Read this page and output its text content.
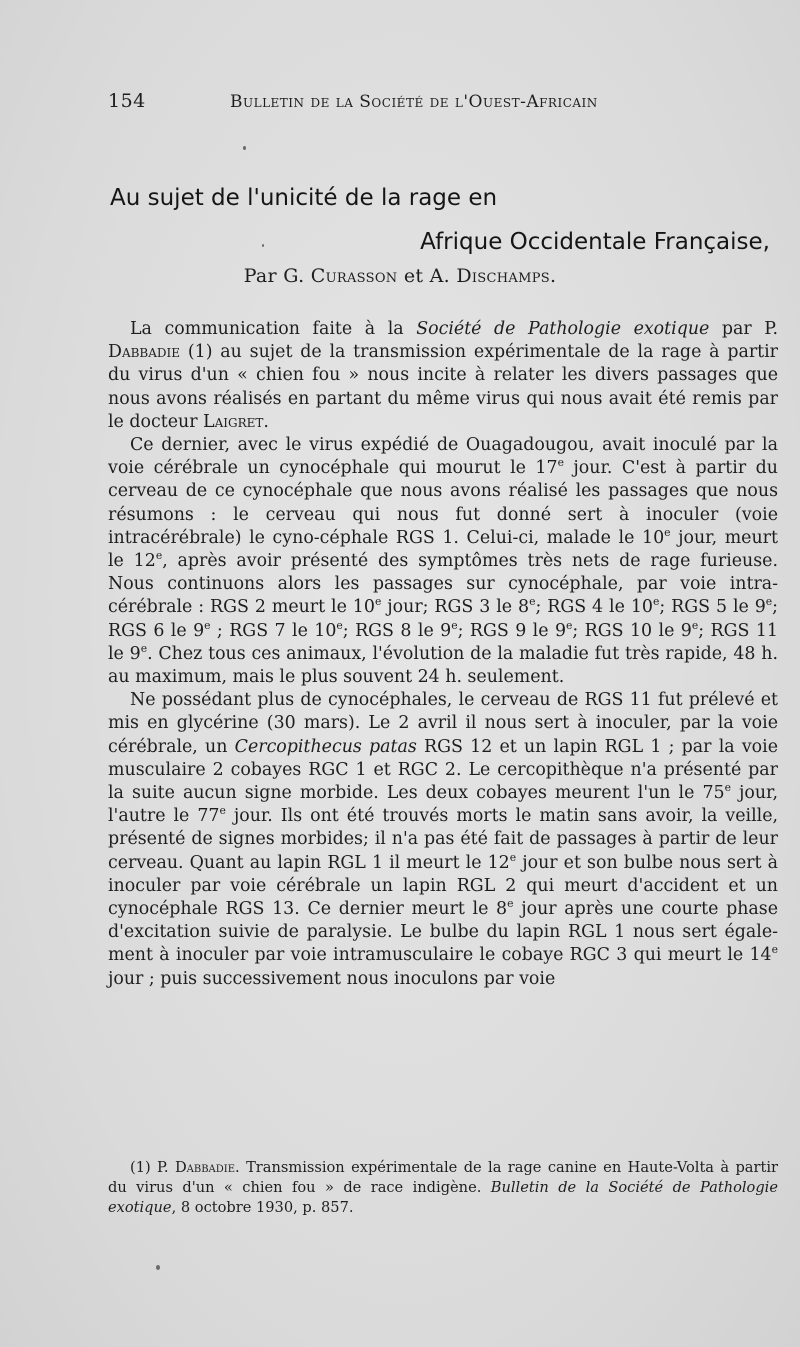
154	Bulletin de la Société de l'Ouest-Africain
Au sujet de l'unicité de la rage en
Afrique Occidentale Française,
Par G. Curasson et A. Dischamps.

La communication faite à la Société de Pathologie exotique par P. Dabbadie (1) au sujet de la transmission expérimentale de la rage à partir du virus d'un « chien fou » nous incite à relater les divers passages que nous avons réalisés en partant du même virus qui nous avait été remis par le docteur Laigret.

Ce dernier, avec le virus expédié de Ouagadougou, avait inoculé par la voie cérébrale un cynocéphale qui mourut le 17e jour. C'est à partir du cerveau de ce cynocéphale que nous avons réalisé les passages que nous résumons : le cerveau qui nous fut donné sert à inoculer (voie intracérébrale) le cyno-céphale RGS 1. Celui-ci, malade le 10e jour, meurt le 12e, après avoir présenté des symptômes très nets de rage furieuse. Nous continuons alors les passages sur cynocéphale, par voie intra-cérébrale : RGS 2 meurt le 10e jour; RGS 3 le 8e; RGS 4 le 10e; RGS 5 le 9e; RGS 6 le 9e ; RGS 7 le 10e; RGS 8 le 9e; RGS 9 le 9e; RGS 10 le 9e; RGS 11 le 9e. Chez tous ces animaux, l'évolution de la maladie fut très rapide, 48 h. au maximum, mais le plus souvent 24 h. seulement.

Ne possédant plus de cynocéphales, le cerveau de RGS 11 fut prélevé et mis en glycérine (30 mars). Le 2 avril il nous sert à inoculer, par la voie cérébrale, un Cercopithecus patas RGS 12 et un lapin RGL 1 ; par la voie musculaire 2 cobayes RGC 1 et RGC 2. Le cercopithèque n'a présenté par la suite aucun signe morbide. Les deux cobayes meurent l'un le 75e jour, l'autre le 77e jour. Ils ont été trouvés morts le matin sans avoir, la veille, présenté de signes morbides; il n'a pas été fait de passages à partir de leur cerveau. Quant au lapin RGL 1 il meurt le 12e jour et son bulbe nous sert à inoculer par voie cérébrale un lapin RGL 2 qui meurt d'accident et un cynocéphale RGS 13. Ce dernier meurt le 8e jour après une courte phase d'excitation suivie de paralysie. Le bulbe du lapin RGL 1 nous sert égale-ment à inoculer par voie intramusculaire le cobaye RGC 3 qui meurt le 14e jour ; puis successivement nous inoculons par voie

(1) P. Dabbadie. Transmission expérimentale de la rage canine en Haute-Volta à partir du virus d'un « chien fou » de race indigène. Bulletin de la Société de Pathologie exotique, 8 octobre 1930, p. 857.
